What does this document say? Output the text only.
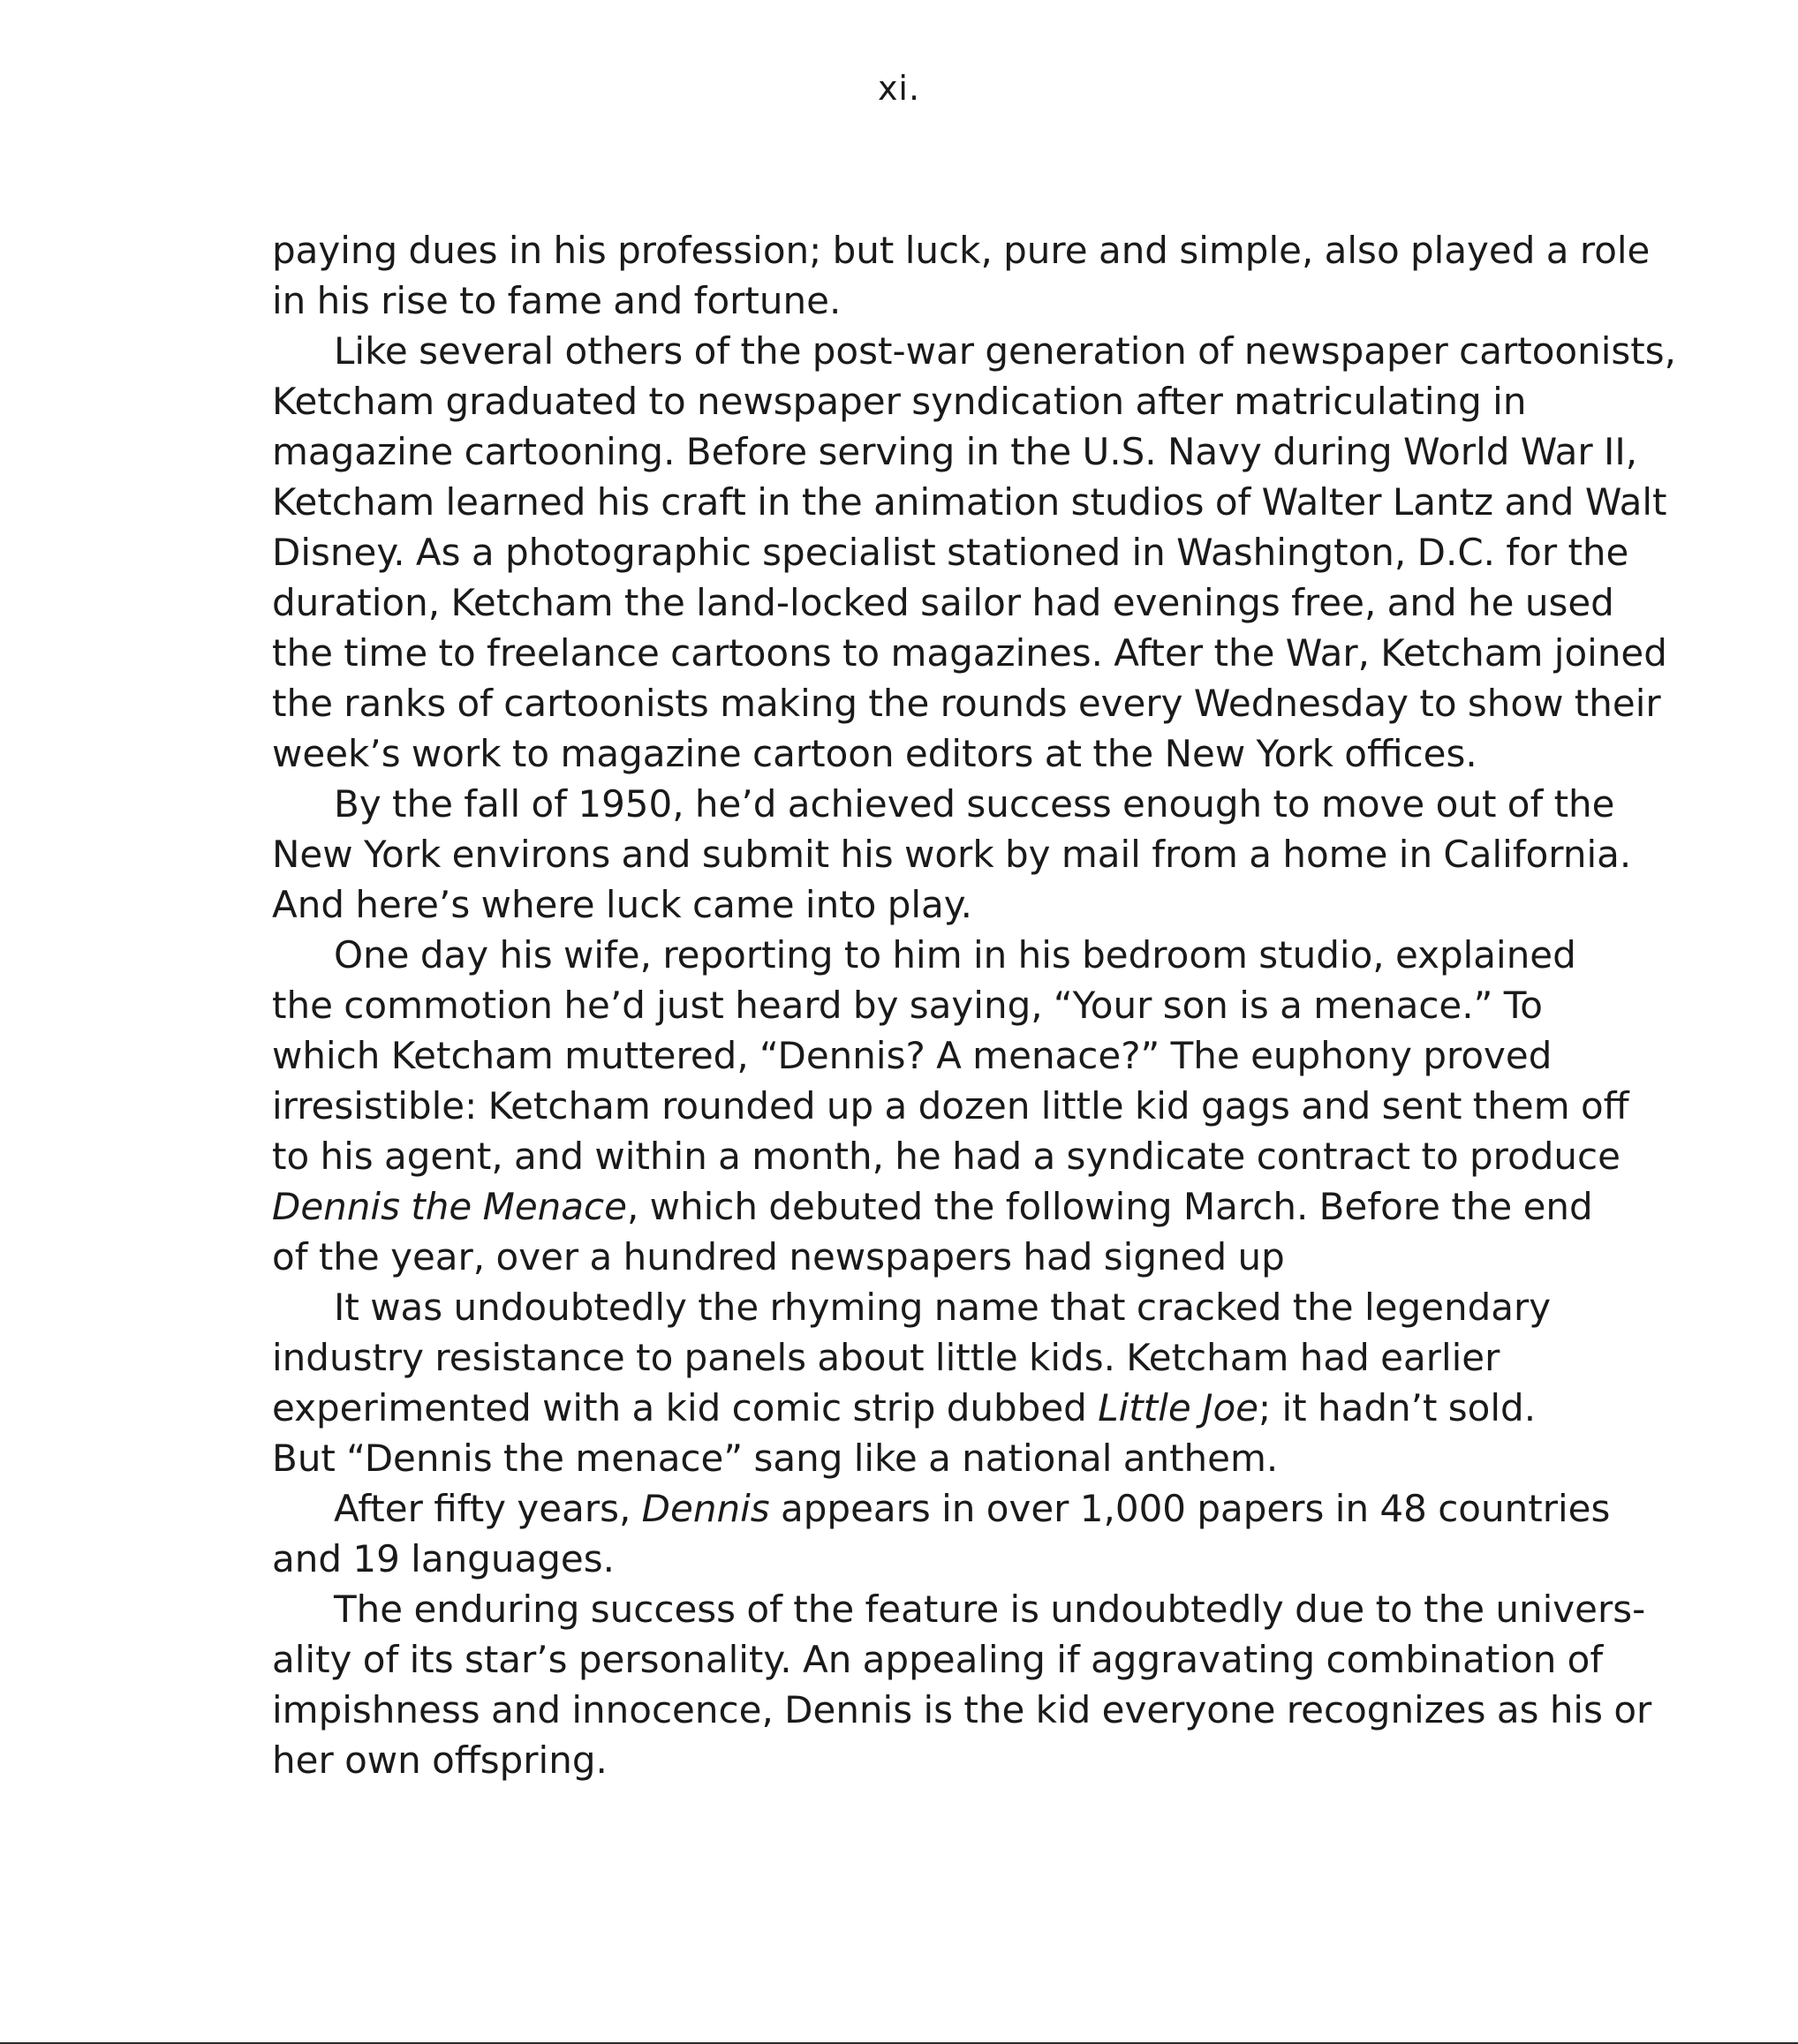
xi.
paying dues in his profession; but luck, pure and simple, also played a role
in his rise to fame and fortune.
Like several others of the post-war generation of newspaper cartoonists,
Ketcham graduated to newspaper syndication after matriculating in
magazine cartooning. Before serving in the U.S. Navy during World War II,
Ketcham learned his craft in the animation studios of Walter Lantz and Walt
Disney. As a photographic specialist stationed in Washington, D.C. for the
duration, Ketcham the land-locked sailor had evenings free, and he used
the time to freelance cartoons to magazines. After the War, Ketcham joined
the ranks of cartoonists making the rounds every Wednesday to show their
week’s work to magazine cartoon editors at the New York offices.
By the fall of 1950, he’d achieved success enough to move out of the
New York environs and submit his work by mail from a home in California.
And here’s where luck came into play.
One day his wife, reporting to him in his bedroom studio, explained
the commotion he’d just heard by saying, “Your son is a menace.” To
which Ketcham muttered, “Dennis? A menace?” The euphony proved
irresistible: Ketcham rounded up a dozen little kid gags and sent them off
to his agent, and within a month, he had a syndicate contract to produce
Dennis the Menace, which debuted the following March. Before the end
of the year, over a hundred newspapers had signed up
It was undoubtedly the rhyming name that cracked the legendary
industry resistance to panels about little kids. Ketcham had earlier
experimented with a kid comic strip dubbed Little Joe; it hadn’t sold.
But “Dennis the menace” sang like a national anthem.
After fifty years, Dennis appears in over 1,000 papers in 48 countries
and 19 languages.
The enduring success of the feature is undoubtedly due to the univers-
ality of its star’s personality. An appealing if aggravating combination of
impishness and innocence, Dennis is the kid everyone recognizes as his or
her own offspring.
